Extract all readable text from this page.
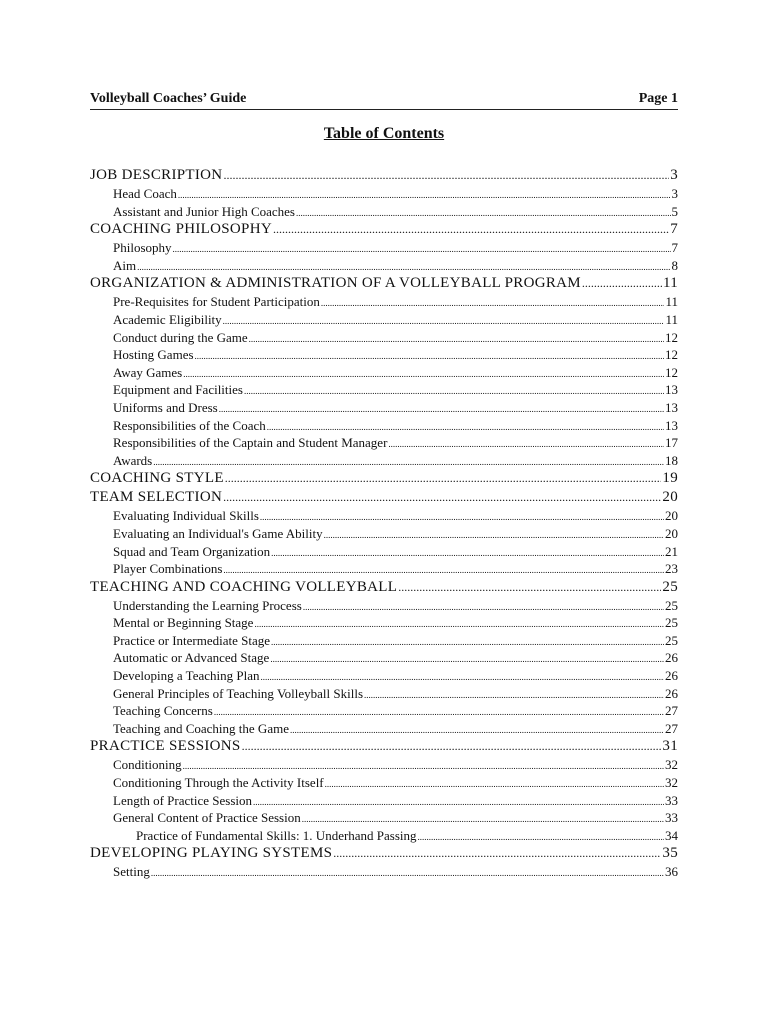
Volleyball Coaches’ Guide	Page 1
Table of Contents
JOB DESCRIPTION .....	3
Head Coach .....	3
Assistant and Junior High Coaches .....	5
COACHING PHILOSOPHY .....	7
Philosophy .....	7
Aim .....	8
ORGANIZATION & ADMINISTRATION OF A VOLLEYBALL PROGRAM .....	11
Pre-Requisites for Student Participation .....	11
Academic Eligibility .....	11
Conduct during the Game .....	12
Hosting Games .....	12
Away Games .....	12
Equipment and Facilities .....	13
Uniforms and Dress .....	13
Responsibilities of the Coach .....	13
Responsibilities of the Captain and Student Manager .....	17
Awards .....	18
COACHING STYLE .....	19
TEAM SELECTION .....	20
Evaluating Individual Skills .....	20
Evaluating an Individual's Game Ability .....	20
Squad and Team Organization .....	21
Player Combinations .....	23
TEACHING AND COACHING VOLLEYBALL .....	25
Understanding the Learning Process .....	25
Mental or Beginning Stage .....	25
Practice or Intermediate Stage .....	25
Automatic or Advanced Stage .....	26
Developing a Teaching Plan .....	26
General Principles of Teaching Volleyball Skills .....	26
Teaching Concerns .....	27
Teaching and Coaching the Game .....	27
PRACTICE SESSIONS .....	31
Conditioning .....	32
Conditioning Through the Activity Itself .....	32
Length of Practice Session .....	33
General Content of Practice Session .....	33
Practice of Fundamental Skills: 1. Underhand Passing .....	34
DEVELOPING PLAYING SYSTEMS .....	35
Setting .....	36
